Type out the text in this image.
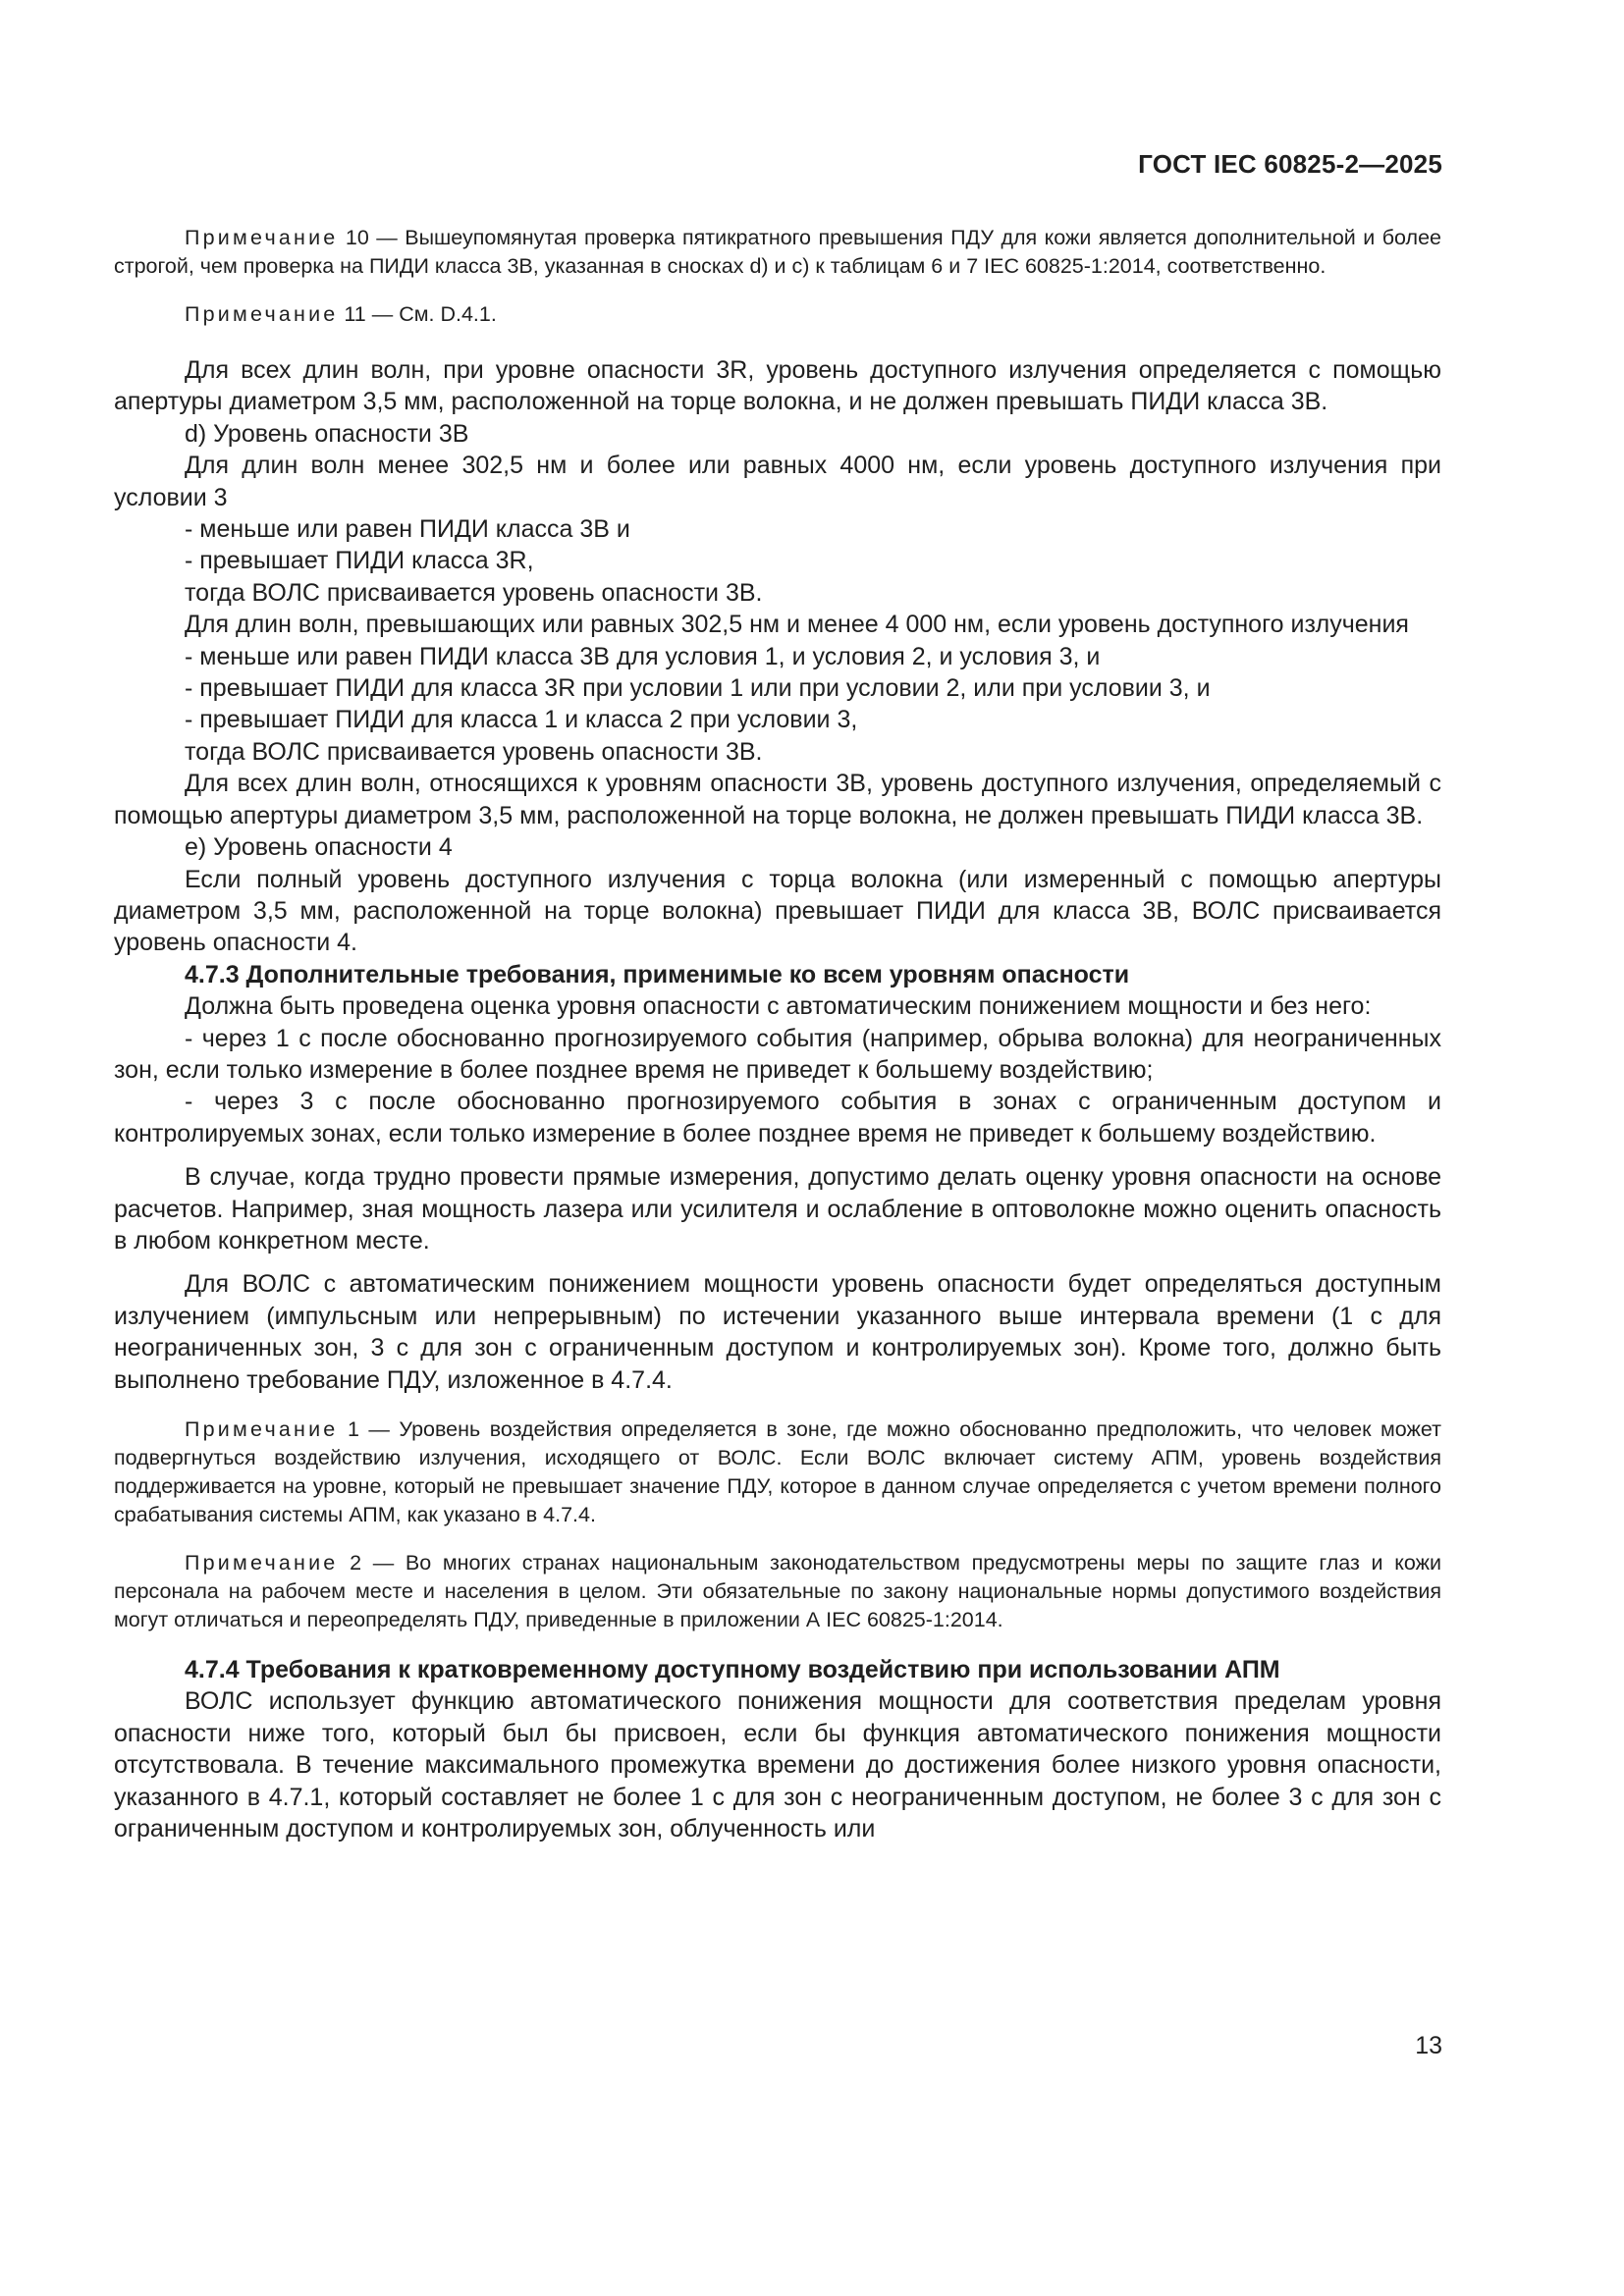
ГОСТ IEC 60825-2—2025

Примечание 10 — Вышеупомянутая проверка пятикратного превышения ПДУ для кожи является дополнительной и более строгой, чем проверка на ПИДИ класса 3В, указанная в сносках d) и с) к таблицам 6 и 7 IEC 60825-1:2014, соответственно.

Примечание 11 — См. D.4.1.

Для всех длин волн, при уровне опасности 3R, уровень доступного излучения определяется с помощью апертуры диаметром 3,5 мм, расположенной на торце волокна, и не должен превышать ПИДИ класса 3В.

d) Уровень опасности 3В

Для длин волн менее 302,5 нм и более или равных 4000 нм, если уровень доступного излучения при условии 3

- меньше или равен ПИДИ класса 3В и

- превышает ПИДИ класса 3R,

тогда ВОЛС присваивается уровень опасности 3В.

Для длин волн, превышающих или равных 302,5 нм и менее 4 000 нм, если уровень доступного излучения

- меньше или равен ПИДИ класса 3В для условия 1, и условия 2, и условия 3, и

- превышает ПИДИ для класса 3R при условии 1 или при условии 2, или при условии 3, и

- превышает ПИДИ для класса 1 и класса 2 при условии 3,

тогда ВОЛС присваивается уровень опасности 3В.

Для всех длин волн, относящихся к уровням опасности 3В, уровень доступного излучения, определяемый с помощью апертуры диаметром 3,5 мм, расположенной на торце волокна, не должен превышать ПИДИ класса 3В.

e) Уровень опасности 4

Если полный уровень доступного излучения с торца волокна (или измеренный с помощью апертуры диаметром 3,5 мм, расположенной на торце волокна) превышает ПИДИ для класса 3В, ВОЛС присваивается уровень опасности 4.

4.7.3 Дополнительные требования, применимые ко всем уровням опасности

Должна быть проведена оценка уровня опасности с автоматическим понижением мощности и без него:

- через 1 с после обоснованно прогнозируемого события (например, обрыва волокна) для неограниченных зон, если только измерение в более позднее время не приведет к большему воздействию;

- через 3 с после обоснованно прогнозируемого события в зонах с ограниченным доступом и контролируемых зонах, если только измерение в более позднее время не приведет к большему воздействию.

В случае, когда трудно провести прямые измерения, допустимо делать оценку уровня опасности на основе расчетов. Например, зная мощность лазера или усилителя и ослабление в оптоволокне можно оценить опасность в любом конкретном месте.

Для ВОЛС с автоматическим понижением мощности уровень опасности будет определяться доступным излучением (импульсным или непрерывным) по истечении указанного выше интервала времени (1 с для неограниченных зон, 3 с для зон с ограниченным доступом и контролируемых зон). Кроме того, должно быть выполнено требование ПДУ, изложенное в 4.7.4.

Примечание 1 — Уровень воздействия определяется в зоне, где можно обоснованно предположить, что человек может подвергнуться воздействию излучения, исходящего от ВОЛС. Если ВОЛС включает систему АПМ, уровень воздействия поддерживается на уровне, который не превышает значение ПДУ, которое в данном случае определяется с учетом времени полного срабатывания системы АПМ, как указано в 4.7.4.

Примечание 2 — Во многих странах национальным законодательством предусмотрены меры по защите глаз и кожи персонала на рабочем месте и населения в целом. Эти обязательные по закону национальные нормы допустимого воздействия могут отличаться и переопределять ПДУ, приведенные в приложении А IEC 60825-1:2014.

4.7.4 Требования к кратковременному доступному воздействию при использовании АПМ

ВОЛС использует функцию автоматического понижения мощности для соответствия пределам уровня опасности ниже того, который был бы присвоен, если бы функция автоматического понижения мощности отсутствовала. В течение максимального промежутка времени до достижения более низкого уровня опасности, указанного в 4.7.1, который составляет не более 1 с для зон с неограниченным доступом, не более 3 с для зон с ограниченным доступом и контролируемых зон, облученность или

13
